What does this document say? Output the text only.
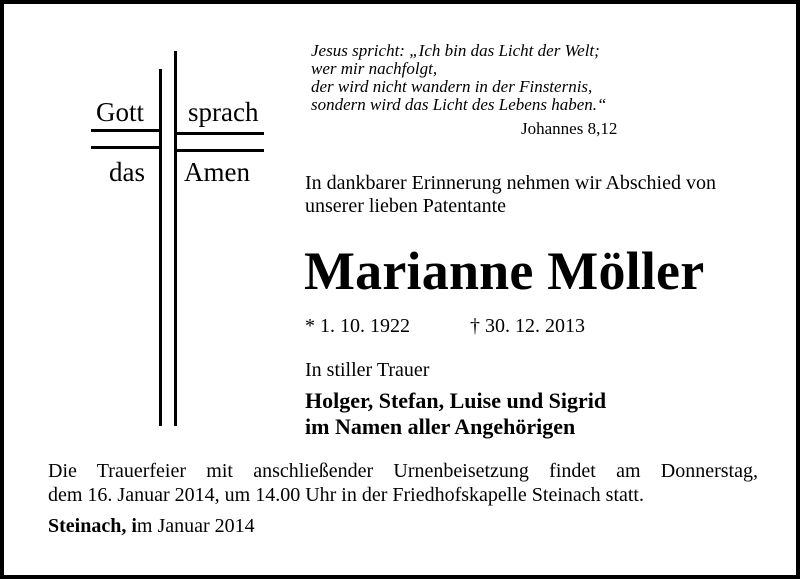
Gott sprach
das Amen
Jesus spricht: „Ich bin das Licht der Welt;
wer mir nachfolgt,
der wird nicht wandern in der Finsternis,
sondern wird das Licht des Lebens haben.“
Johannes 8,12
In dankbarer Erinnerung nehmen wir Abschied von
unserer lieben Patentante
Marianne Möller
* 1. 10. 1922	† 30. 12. 2013
In stiller Trauer
Holger, Stefan, Luise und Sigrid
im Namen aller Angehörigen
Die Trauerfeier mit anschließender Urnenbeisetzung findet am Donnerstag,
dem 16. Januar 2014, um 14.00 Uhr in der Friedhofskapelle Steinach statt.
Steinach, im Januar 2014
